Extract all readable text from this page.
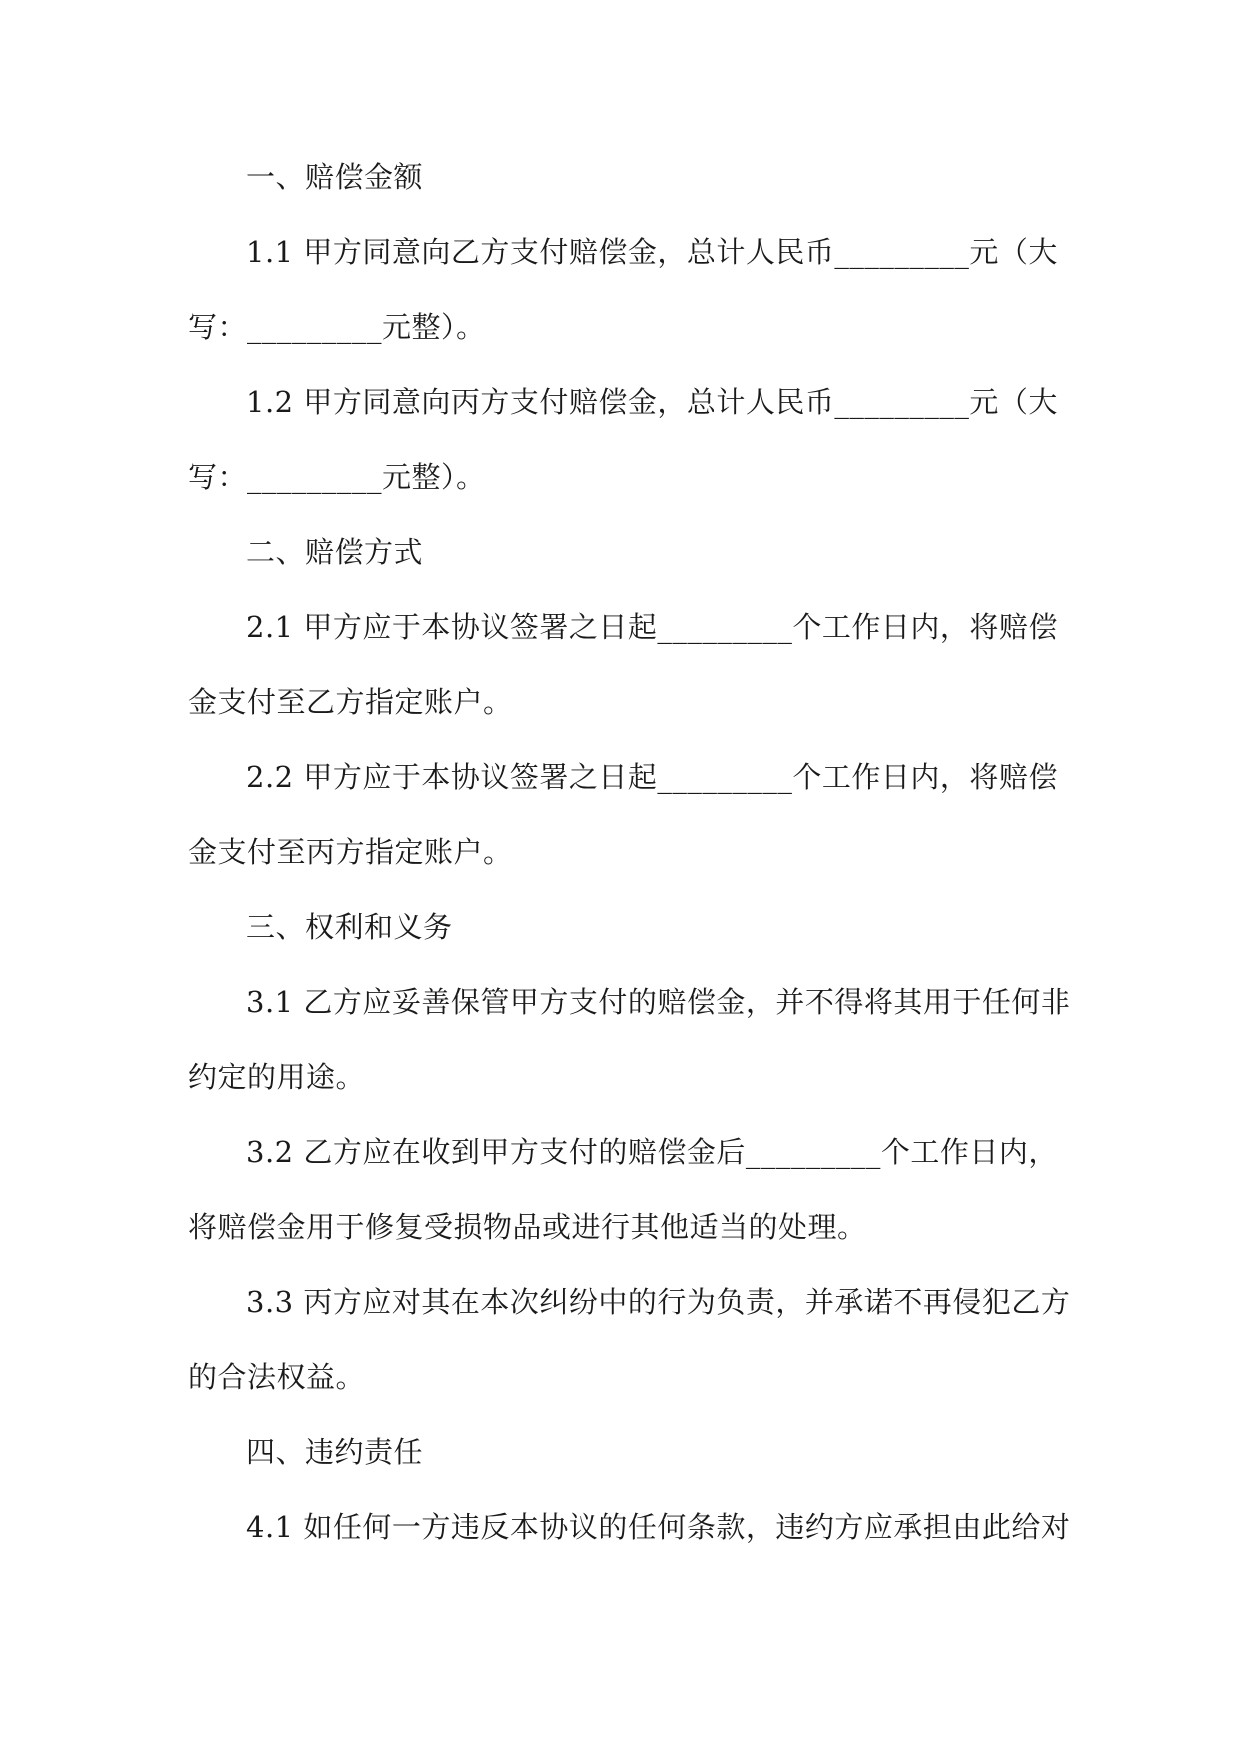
一、赔偿金额
1.1 甲方同意向乙方支付赔偿金，总计人民币_________元（大
写：_________元整）。
1.2 甲方同意向丙方支付赔偿金，总计人民币_________元（大
写：_________元整）。
二、赔偿方式
2.1 甲方应于本协议签署之日起_________个工作日内，将赔偿
金支付至乙方指定账户。
2.2 甲方应于本协议签署之日起_________个工作日内，将赔偿
金支付至丙方指定账户。
三、权利和义务
3.1 乙方应妥善保管甲方支付的赔偿金，并不得将其用于任何非
约定的用途。
3.2 乙方应在收到甲方支付的赔偿金后_________个工作日内，
将赔偿金用于修复受损物品或进行其他适当的处理。
3.3 丙方应对其在本次纠纷中的行为负责，并承诺不再侵犯乙方
的合法权益。
四、违约责任
4.1 如任何一方违反本协议的任何条款，违约方应承担由此给对
